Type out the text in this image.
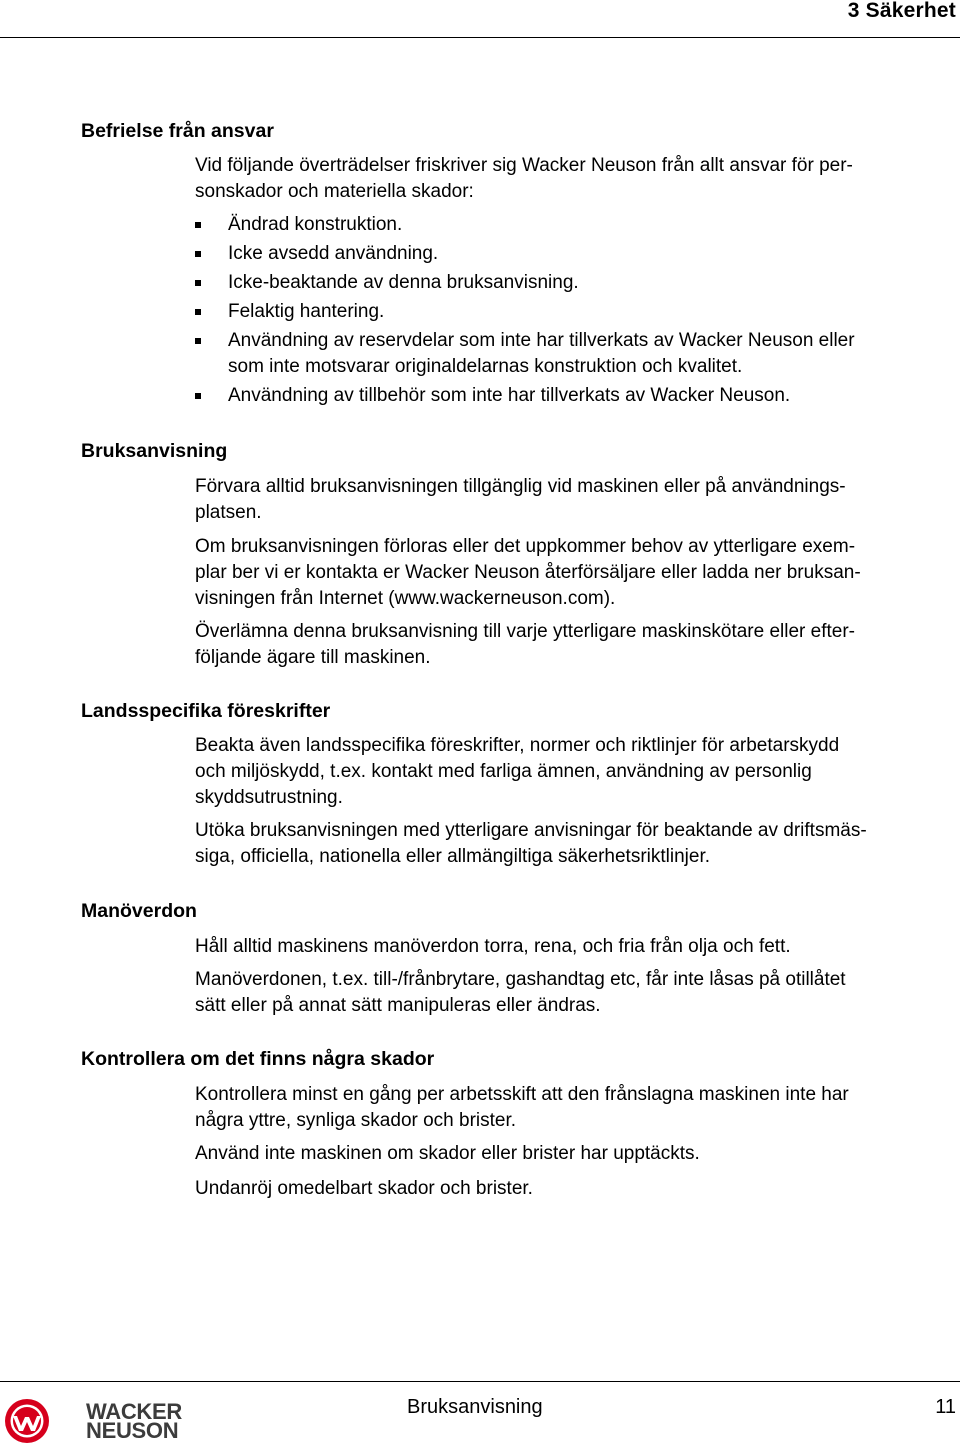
3 Säkerhet
Befrielse från ansvar

Vid följande överträdelser friskriver sig Wacker Neuson från allt ansvar för per-
sonskador och materiella skador:

Ändrad konstruktion.
Icke avsedd användning.
Icke-beaktande av denna bruksanvisning.
Felaktig hantering.
Användning av reservdelar som inte har tillverkats av Wacker Neuson eller
som inte motsvarar originaldelarnas konstruktion och kvalitet.
Användning av tillbehör som inte har tillverkats av Wacker Neuson.
Bruksanvisning

Förvara alltid bruksanvisningen tillgänglig vid maskinen eller på användnings-
platsen.

Om bruksanvisningen förloras eller det uppkommer behov av ytterligare exem-
plar ber vi er kontakta er Wacker Neuson återförsäljare eller ladda ner bruksan-
visningen från Internet (www.wackerneuson.com).

Överlämna denna bruksanvisning till varje ytterligare maskinskötare eller efter-
följande ägare till maskinen.

Landsspecifika föreskrifter

Beakta även landsspecifika föreskrifter, normer och riktlinjer för arbetarskydd
och miljöskydd, t.ex. kontakt med farliga ämnen, användning av personlig
skyddsutrustning.

Utöka bruksanvisningen med ytterligare anvisningar för beaktande av driftsmäs-
siga, officiella, nationella eller allmängiltiga säkerhetsriktlinjer.

Manöverdon

Håll alltid maskinens manöverdon torra, rena, och fria från olja och fett.

Manöverdonen, t.ex. till-/frånbrytare, gashandtag etc, får inte låsas på otillåtet
sätt eller på annat sätt manipuleras eller ändras.

Kontrollera om det finns några skador

Kontrollera minst en gång per arbetsskift att den frånslagna maskinen inte har
några yttre, synliga skador och brister.

Använd inte maskinen om skador eller brister har upptäckts.

Undanröj omedelbart skador och brister.

WACKER
NEUSON
Bruksanvisning	11
